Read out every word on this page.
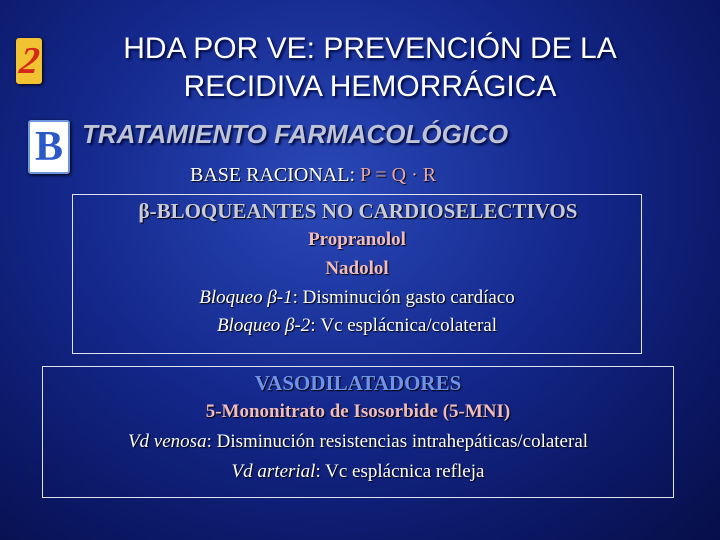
HDA POR VE: PREVENCIÓN DE LA
RECIDIVA HEMORRÁGICA
2
B TRATAMIENTO FARMACOLÓGICO
BASE RACIONAL: P = Q · R
β-BLOQUEANTES NO CARDIOSELECTIVOS
Propranolol
Nadolol
Bloqueo β-1: Disminución gasto cardíaco
Bloqueo β-2: Vc esplácnica/colateral
VASODILATADORES
5-Mononitrato de Isosorbide (5-MNI)
Vd venosa: Disminución resistencias intrahepáticas/colateral
Vd arterial: Vc esplácnica refleja
